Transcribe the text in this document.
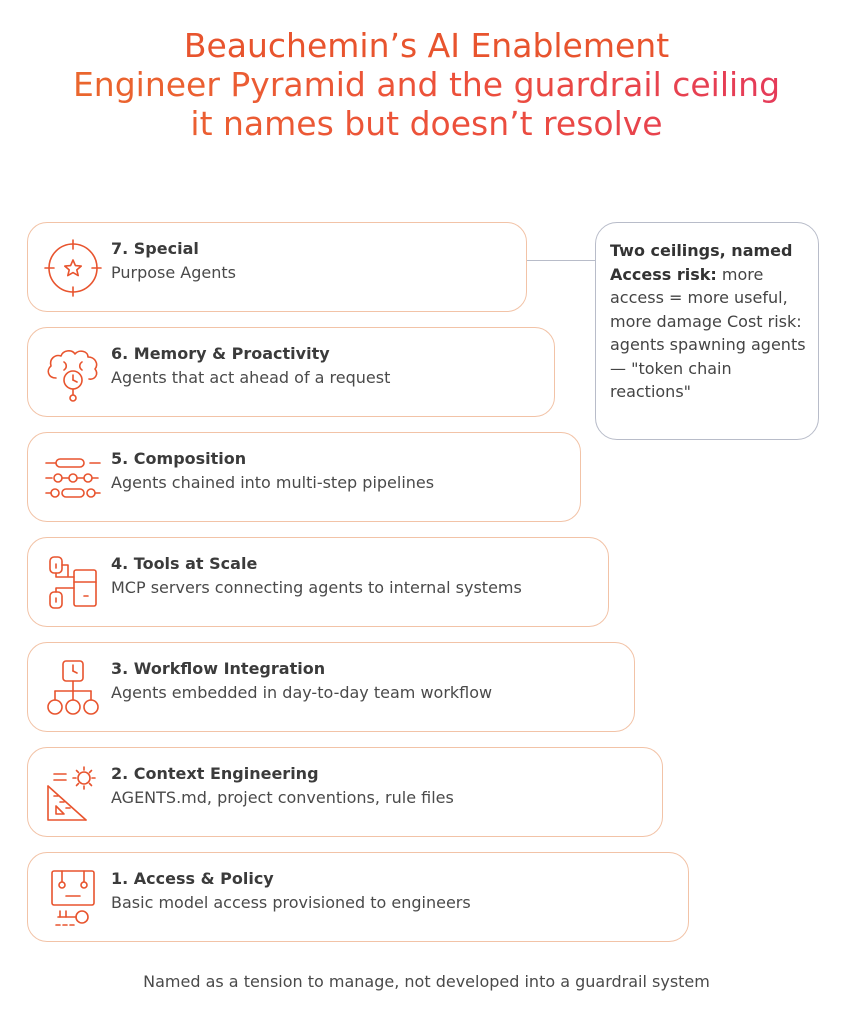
Beauchemin’s AI Enablement
Engineer Pyramid and the guardrail ceiling
it names but doesn’t resolve
7. Special
Purpose Agents
6. Memory & Proactivity
Agents that act ahead of a request
5. Composition
Agents chained into multi-step pipelines
4. Tools at Scale
MCP servers connecting agents to internal systems
3. Workflow Integration
Agents embedded in day-to-day team workflow
2. Context Engineering
AGENTS.md, project conventions, rule files
1. Access & Policy
Basic model access provisioned to engineers
Two ceilings, named
Access risk: more access = more useful, more damage Cost risk: agents spawning agents — "token chain reactions"
Named as a tension to manage, not developed into a guardrail system
